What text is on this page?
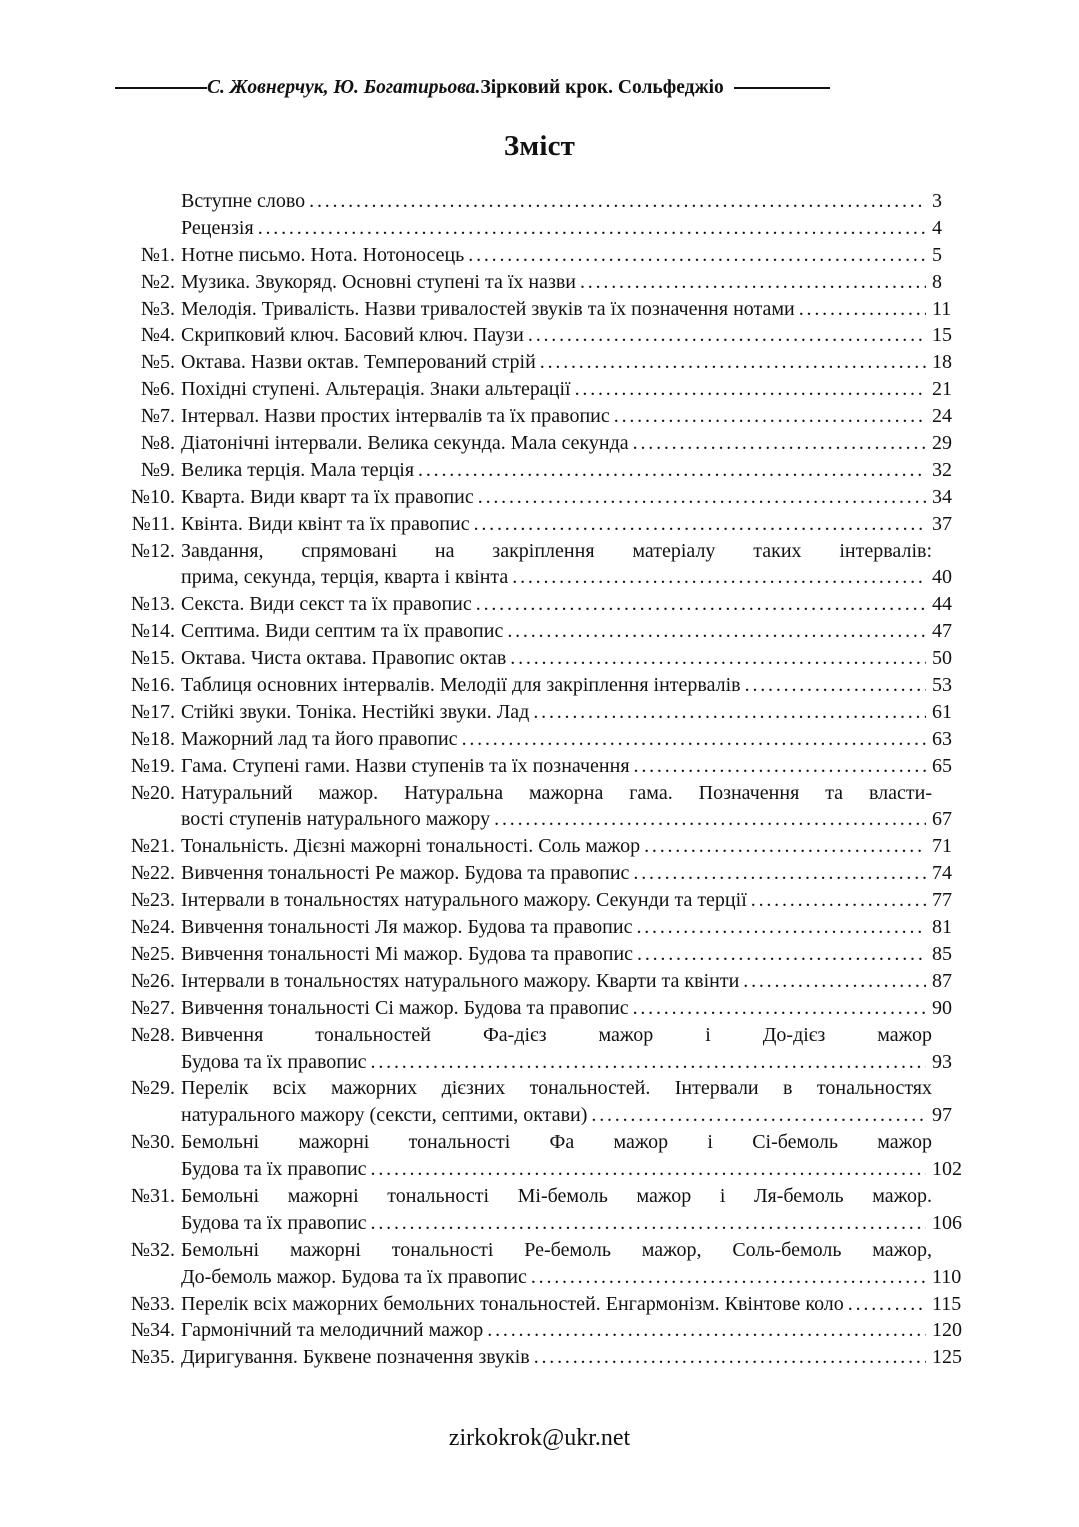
С. Жовнерчук, Ю. Богатирьова. Зірковий крок. Сольфеджіо
Зміст
Вступне слово . . .	3
Рецензія . . .	4
№1. Нотне письмо. Нота. Нотоносець . . .	5
№2. Музика. Звукоряд. Основні ступені та їх назви . . .	8
№3. Мелодія. Тривалість. Назви тривалостей звуків та їх позначення нотами . . .	11
№4. Скрипковий ключ. Басовий ключ. Паузи . . .	15
№5. Октава. Назви октав. Темперований стрій . . .	18
№6. Похідні ступені. Альтерація. Знаки альтерації . . .	21
№7. Інтервал. Назви простих інтервалів та їх правопис . . .	24
№8. Діатонічні інтервали. Велика секунда. Мала секунда . . .	29
№9. Велика терція. Мала терція . . .	32
№10. Кварта. Види кварт та їх правопис . . .	34
№11. Квінта. Види квінт та їх правопис . . .	37
№12. Завдання, спрямовані на закріплення матеріалу таких інтервалів:
прима, секунда, терція, кварта і квінта . . .	40
№13. Секста. Види секст та їх правопис . . .	44
№14. Септима. Види септим та їх правопис . . .	47
№15. Октава. Чиста октава. Правопис октав . . .	50
№16. Таблиця основних інтервалів. Мелодії для закріплення інтервалів . . .	53
№17. Стійкі звуки. Тоніка. Нестійкі звуки. Лад . . .	61
№18. Мажорний лад та його правопис . . .	63
№19. Гама. Ступені гами. Назви ступенів та їх позначення . . .	65
№20. Натуральний мажор. Натуральна мажорна гама. Позначення та власти-
вості ступенів натурального мажору . . .	67
№21. Тональність. Дієзні мажорні тональності. Соль мажор . . .	71
№22. Вивчення тональності Ре мажор. Будова та правопис . . .	74
№23. Інтервали в тональностях натурального мажору. Секунди та терції . . .	77
№24. Вивчення тональності Ля мажор. Будова та правопис . . .	81
№25. Вивчення тональності Мі мажор. Будова та правопис . . .	85
№26. Інтервали в тональностях натурального мажору. Кварти та квінти . . .	87
№27. Вивчення тональності Сі мажор. Будова та правопис . . .	90
№28. Вивчення тональностей Фа-дієз мажор і До-дієз мажор
Будова та їх правопис . . .	93
№29. Перелік всіх мажорних дієзних тональностей. Інтервали в тональностях
натурального мажору (сексти, септими, октави) . . .	97
№30. Бемольні мажорні тональності Фа мажор і Сі-бемоль мажор
Будова та їх правопис . . .	102
№31. Бемольні мажорні тональності Мі-бемоль мажор і Ля-бемоль мажор.
Будова та їх правопис . . .	106
№32. Бемольні мажорні тональності Ре-бемоль мажор, Соль-бемоль мажор,
До-бемоль мажор. Будова та їх правопис . . .	110
№33. Перелік всіх мажорних бемольних тональностей. Енгармонізм. Квінтове коло . . .	115
№34. Гармонічний та мелодичний мажор . . .	120
№35. Диригування. Буквене позначення звуків . . .	125
zirkokrok@ukr.net
